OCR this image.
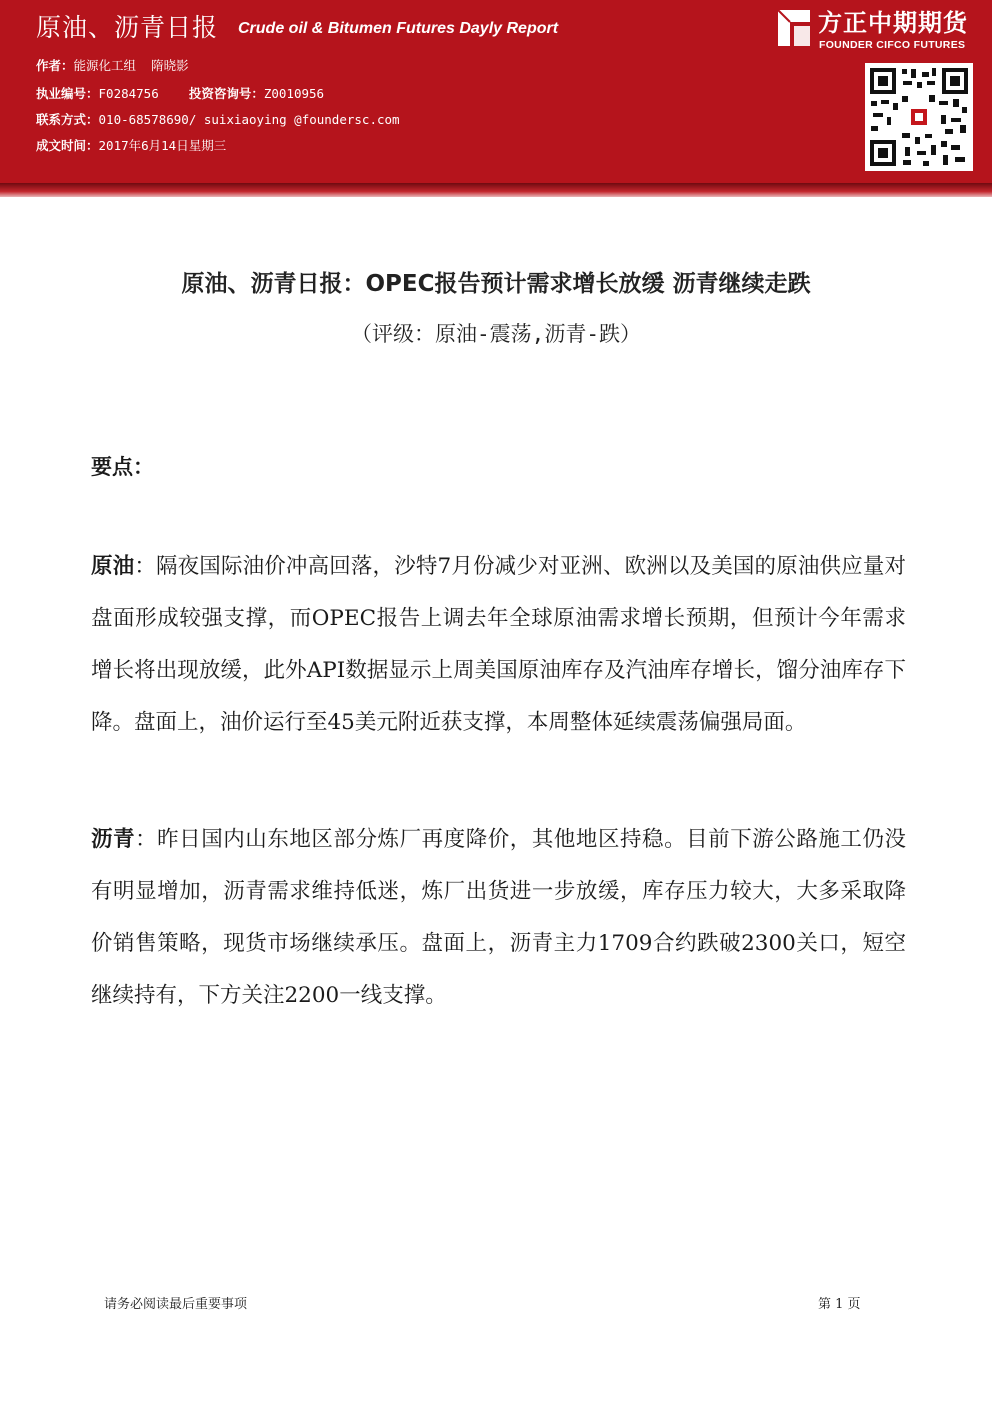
原油、沥青日报 Crude oil & Bitumen Futures Dayly Report
作者：能源化工组  隋晓影
执业编号：F0284756 投资咨询号：Z0010956
联系方式：010-68578690/ suixiaoying @foundersc.com
成文时间：2017年6月14日星期三
方正中期期货
FOUNDER CIFCO FUTURES
原油、沥青日报：OPEC报告预计需求增长放缓 沥青继续走跌
（评级：原油-震荡,沥青-跌）
要点：
原油：隔夜国际油价冲高回落，沙特7月份减少对亚洲、欧洲以及美国的原油供应量对盘面形成较强支撑，而OPEC报告上调去年全球原油需求增长预期，但预计今年需求增长将出现放缓，此外API数据显示上周美国原油库存及汽油库存增长，馏分油库存下降。盘面上，油价运行至45美元附近获支撑，本周整体延续震荡偏强局面。
沥青：昨日国内山东地区部分炼厂再度降价，其他地区持稳。目前下游公路施工仍没有明显增加，沥青需求维持低迷，炼厂出货进一步放缓，库存压力较大，大多采取降价销售策略，现货市场继续承压。盘面上，沥青主力1709合约跌破2300关口，短空继续持有，下方关注2200一线支撑。
请务必阅读最后重要事项	第 1 页
